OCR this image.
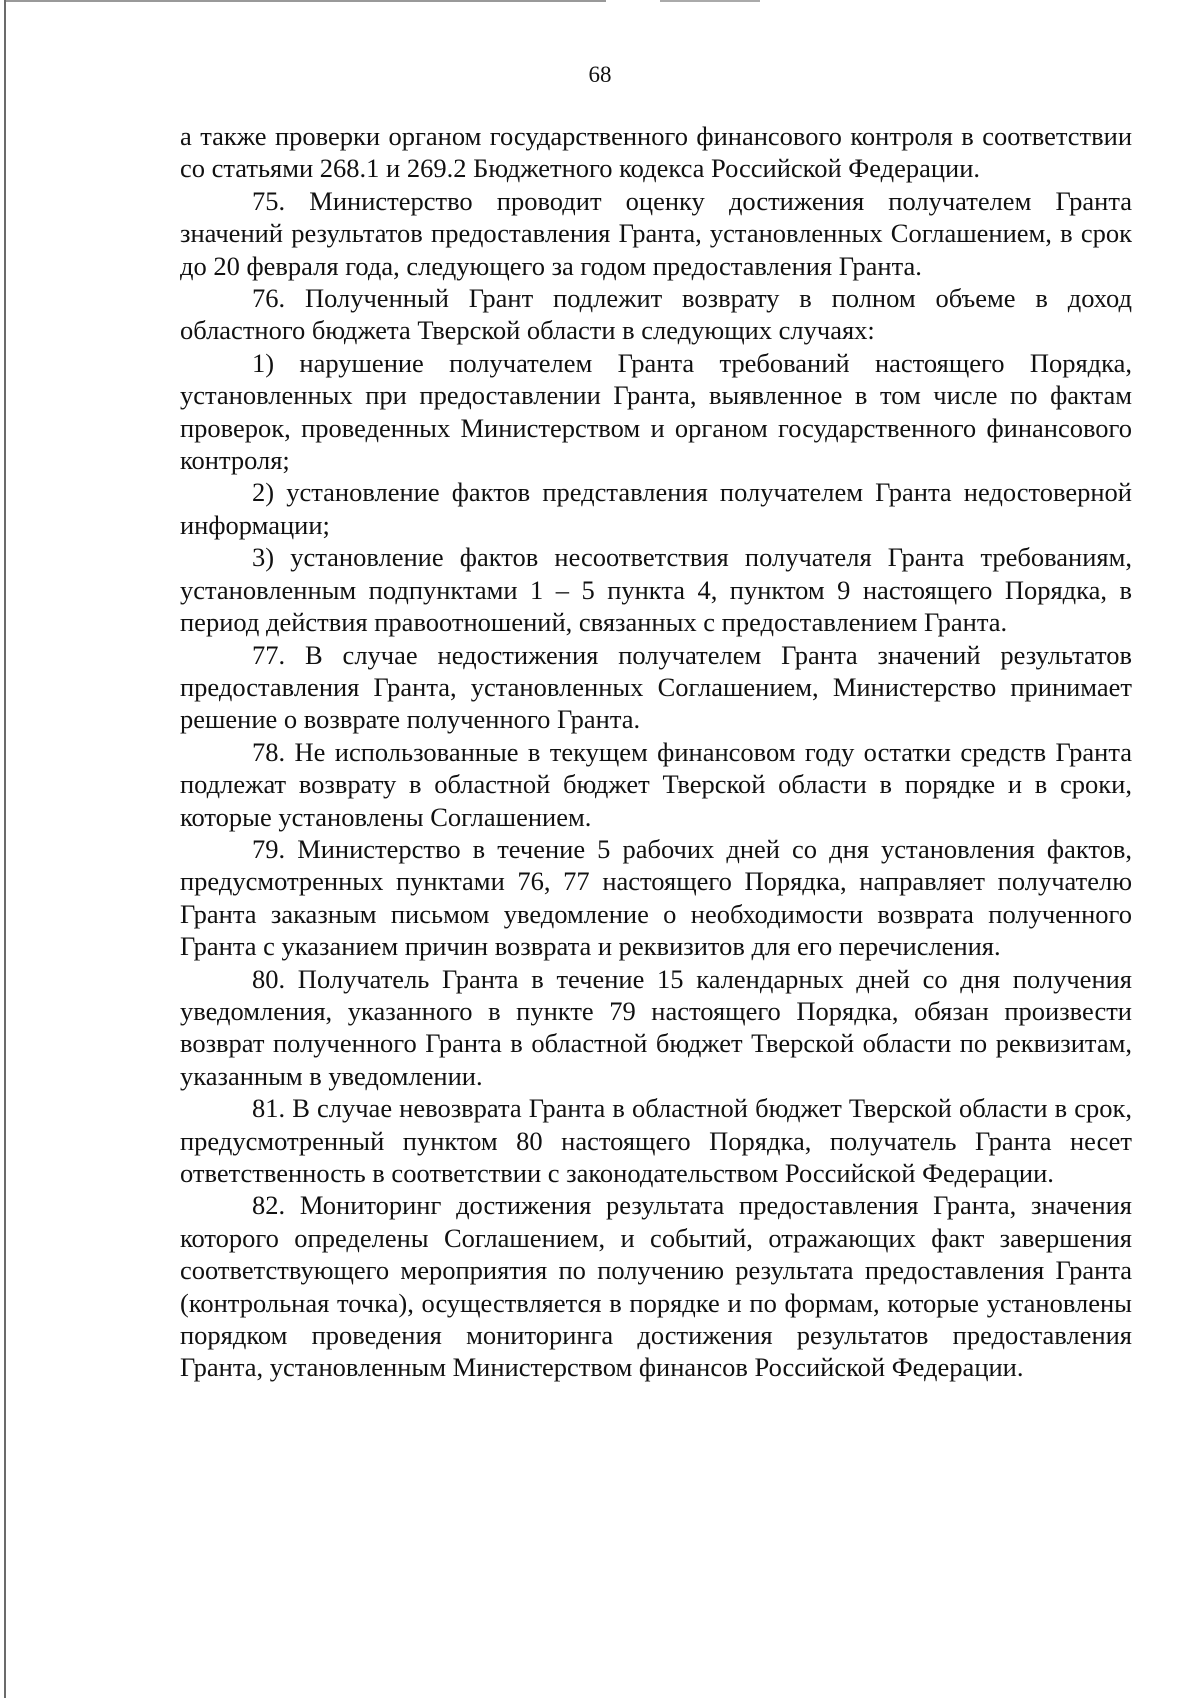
68

а также проверки органом государственного финансового контроля в соответствии со статьями 268.1 и 269.2 Бюджетного кодекса Российской Федерации.

75. Министерство проводит оценку достижения получателем Гранта значений результатов предоставления Гранта, установленных Соглашением, в срок до 20 февраля года, следующего за годом предоставления Гранта.

76. Полученный Грант подлежит возврату в полном объеме в доход областного бюджета Тверской области в следующих случаях:

1) нарушение получателем Гранта требований настоящего Порядка, установленных при предоставлении Гранта, выявленное в том числе по фактам проверок, проведенных Министерством и органом государственного финансового контроля;

2) установление фактов представления получателем Гранта недостоверной информации;

3) установление фактов несоответствия получателя Гранта требованиям, установленным подпунктами 1 – 5 пункта 4, пунктом 9 настоящего Порядка, в период действия правоотношений, связанных с предоставлением Гранта.

77. В случае недостижения получателем Гранта значений результатов предоставления Гранта, установленных Соглашением, Министерство принимает решение о возврате полученного Гранта.

78. Не использованные в текущем финансовом году остатки средств Гранта подлежат возврату в областной бюджет Тверской области в порядке и в сроки, которые установлены Соглашением.

79. Министерство в течение 5 рабочих дней со дня установления фактов, предусмотренных пунктами 76, 77 настоящего Порядка, направляет получателю Гранта заказным письмом уведомление о необходимости возврата полученного Гранта с указанием причин возврата и реквизитов для его перечисления.

80. Получатель Гранта в течение 15 календарных дней со дня получения уведомления, указанного в пункте 79 настоящего Порядка, обязан произвести возврат полученного Гранта в областной бюджет Тверской области по реквизитам, указанным в уведомлении.

81. В случае невозврата Гранта в областной бюджет Тверской области в срок, предусмотренный пунктом 80 настоящего Порядка, получатель Гранта несет ответственность в соответствии с законодательством Российской Федерации.

82. Мониторинг достижения результата предоставления Гранта, значения которого определены Соглашением, и событий, отражающих факт завершения соответствующего мероприятия по получению результата предоставления Гранта (контрольная точка), осуществляется в порядке и по формам, которые установлены порядком проведения мониторинга достижения результатов предоставления Гранта, установленным Министерством финансов Российской Федерации.
